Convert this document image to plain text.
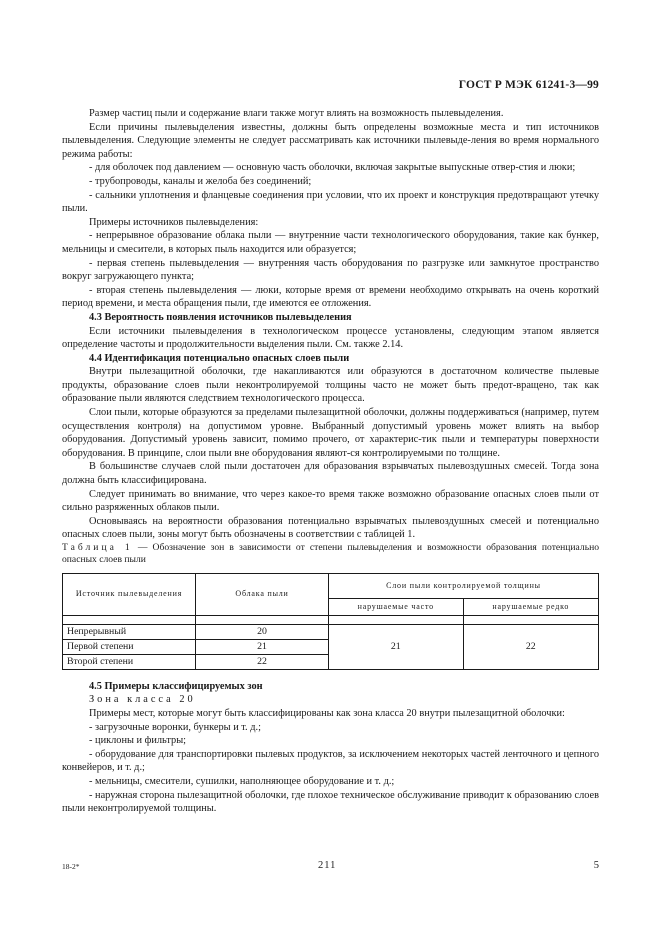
ГОСТ Р МЭК 61241-3—99

Размер частиц пыли и содержание влаги также могут влиять на возможность пылевыделения.

Если причины пылевыделения известны, должны быть определены возможные места и тип источников пылевыделения. Следующие элементы не следует рассматривать как источники пылевыде-ления во время нормального режима работы:

- для оболочек под давлением — основную часть оболочки, включая закрытые выпускные отвер-стия и люки;

- трубопроводы, каналы и желоба без соединений;

- сальники уплотнения и фланцевые соединения при условии, что их проект и конструкция предотвращают утечку пыли.

Примеры источников пылевыделения:

- непрерывное образование облака пыли — внутренние части технологического оборудования, такие как бункер, мельницы и смесители, в которых пыль находится или образуется;

- первая степень пылевыделения — внутренняя часть оборудования по разгрузке или замкнутое пространство вокруг загружающего пункта;

- вторая степень пылевыделения — люки, которые время от времени необходимо открывать на очень короткий период времени, и места обращения пыли, где имеются ее отложения.

4.3 Вероятность появления источников пылевыделения

Если источники пылевыделения в технологическом процессе установлены, следующим этапом является определение частоты и продолжительности выделения пыли. См. также 2.14.

4.4 Идентификация потенциально опасных слоев пыли

Внутри пылезащитной оболочки, где накапливаются или образуются в достаточном количестве пылевые продукты, образование слоев пыли неконтролируемой толщины часто не может быть предот-вращено, так как образование пыли являются следствием технологического процесса.

Слои пыли, которые образуются за пределами пылезащитной оболочки, должны поддерживаться (например, путем осуществления контроля) на допустимом уровне. Выбранный допустимый уровень может влиять на выбор оборудования. Допустимый уровень зависит, помимо прочего, от характерис-тик пыли и температуры поверхности оборудования. В принципе, слои пыли вне оборудования являют-ся контролируемыми по толщине.

В большинстве случаев слой пыли достаточен для образования взрывчатых пылевоздушных смесей. Тогда зона должна быть классифицирована.

Следует принимать во внимание, что через какое-то время также возможно образование опасных слоев пыли от сильно разряженных облаков пыли.

Основываясь на вероятности образования потенциально взрывчатых пылевоздушных смесей и потенциально опасных слоев пыли, зоны могут быть обозначены в соответствии с таблицей 1.

Таблица 1 — Обозначение зон в зависимости от степени пылевыделения и возможности образования потенциально опасных слоев пыли

Источник пылевыделения	Облака пыли	Слои пыли контролируемой толщины	
		нарушаемые часто	нарушаемые редко

Непрерывный	20	21	22
Первой степени	21		
Второй степени	22		

4.5 Примеры классифицируемых зон

Зона класса 20

Примеры мест, которые могут быть классифицированы как зона класса 20 внутри пылезащитной оболочки:

- загрузочные воронки, бункеры и т. д.;

- циклоны и фильтры;

- оборудование для транспортировки пылевых продуктов, за исключением некоторых частей ленточного и цепного конвейеров, и т. д.;

- мельницы, смесители, сушилки, наполняющее оборудование и т. д.;

- наружная сторона пылезащитной оболочки, где плохое техническое обслуживание приводит к образованию слоев пыли неконтролируемой толщины.

18-2*	211	5
